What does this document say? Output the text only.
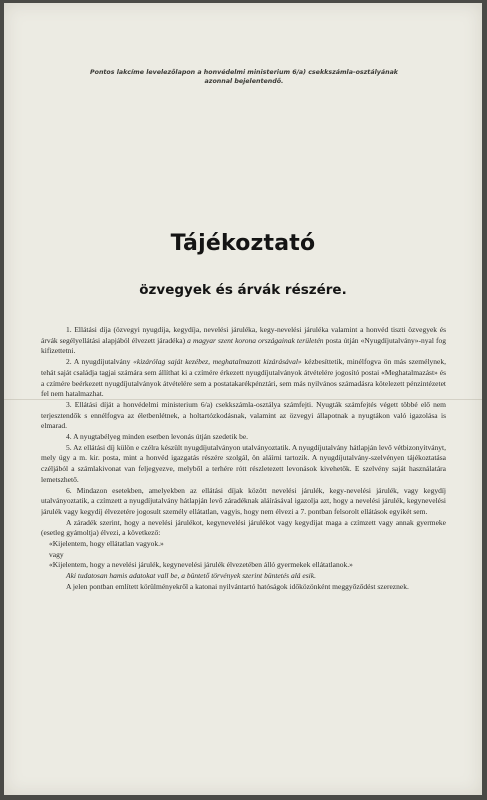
Pontos lakcíme levelezőlapon a honvédelmi ministerium 6/a) csekkszámla-osztályának
azonnal bejelentendő.
Tájékoztató
özvegyek és árvák részére.

1. Ellátási díja (özvegyi nyugdíja, kegydíja, nevelési járuléka, kegy-nevelési járuléka valamint a honvéd tiszti özvegyek és árvák segélyellátási alapjából élvezett járadéka) a magyar szent korona országainak területén posta útján «Nyugdíjutalvány»-nyal fog kifizettetni.

2. A nyugdíjutalvány «kizárólag saját kezébez, meghatalmazott kizárásával» kézbesíttetik, minélfogva ön más személynek, tehát saját családja tagjai számára sem állíthat ki a czímére érkezett nyugdíjutalványok átvételére jogosító postai «Meghatalmazást» és a czímére beérkezett nyugdíjutalványok átvételére sem a postatakarékpénztári, sem más nyilvános számadásra kötelezett pénzintézetet fel nem hatalmazhat.

3. Ellátási díját a honvédelmi ministerium 6/a) csekkszámla-osztálya számfejti. Nyugták számfejtés végett többé elő nem terjesztendők s ennélfogva az életbenlétnek, a holtartózkodásnak, valamint az özvegyi állapotnak a nyugtákon való igazolása is elmarad.

4. A nyugtabélyeg minden esetben levonás útján szedetik be.

5. Az ellátási díj külön e czélra készült nyugdíjutalványon utalványoztatik. A nyugdíjutalvány hátlapján levő vétbizonyítványt, mely úgy a m. kir. posta, mint a honvéd igazgatás részére szolgál, ön aláírni tartozik. A nyugdíjutalvány-szelvényen tájékoztatása czéljából a számlakivonat van feljegyezve, melyből a terhére rótt részletezett levonások kivehetők. E szelvény saját használatára lemetszhető.

6. Mindazon esetekben, amelyekben az ellátási díjak között nevelési járulék, kegy-nevelési járulék, vagy kegydíj utalványoztatik, a czímzett a nyugdíjutalvány hátlapján levő záradéknak aláírásával igazolja azt, hogy a nevelési járulék, kegynevelési járulék vagy kegydíj élvezetére jogosult személy ellátatlan, vagyis, hogy nem élvezi a 7. pontban felsorolt ellátások egyikét sem.

A záradék szerint, hogy a nevelési járulékot, kegynevelési járulékot vagy kegydíjat maga a czímzett vagy annak gyermeke (esetleg gyámoltja) élvezi, a következő:

«Kijelentem, hogy ellátatlan vagyok.»

vagy

«Kijelentem, hogy a nevelési járulék, kegynevelési járulék élvezetében álló gyermekek ellátatlanok.»

Aki tudatosan hamis adatokat vall be, a büntető törvények szerint büntetés alá esik.

A jelen pontban említett körülményekről a katonai nyilvántartó hatóságok időközönként meggyőződést szereznek.
